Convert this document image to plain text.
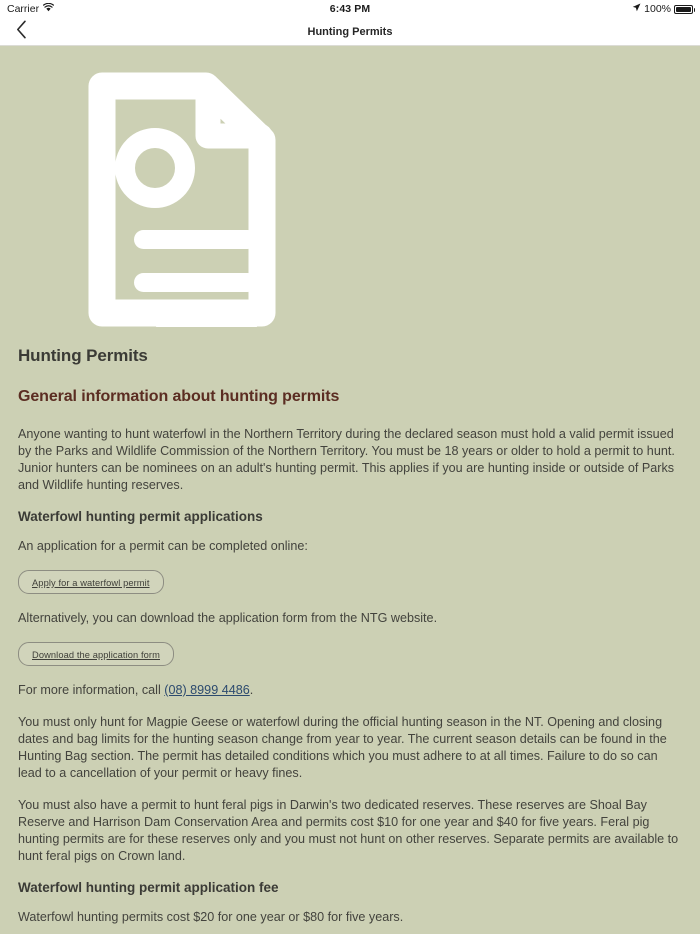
Carrier	6:43 PM	100%
Hunting Permits
Hunting Permits
General information about hunting permits

Anyone wanting to hunt waterfowl in the Northern Territory during the declared season must hold a valid permit issued by the Parks and Wildlife Commission of the Northern Territory. You must be 18 years or older to hold a permit to hunt. Junior hunters can be nominees on an adult's hunting permit. This applies if you are hunting inside or outside of Parks and Wildlife hunting reserves.

Waterfowl hunting permit applications

An application for a permit can be completed online:

Apply for a waterfowl permit

Alternatively, you can download the application form from the NTG website.

Download the application form

For more information, call (08) 8999 4486.

You must only hunt for Magpie Geese or waterfowl during the official hunting season in the NT. Opening and closing dates and bag limits for the hunting season change from year to year. The current season details can be found in the Hunting Bag section. The permit has detailed conditions which you must adhere to at all times. Failure to do so can lead to a cancellation of your permit or heavy fines.

You must also have a permit to hunt feral pigs in Darwin's two dedicated reserves. These reserves are Shoal Bay Reserve and Harrison Dam Conservation Area and permits cost $10 for one year and $40 for five years. Feral pig hunting permits are for these reserves only and you must not hunt on other reserves. Separate permits are available to hunt feral pigs on Crown land.

Waterfowl hunting permit application fee

Waterfowl hunting permits cost $20 for one year or $80 for five years.
